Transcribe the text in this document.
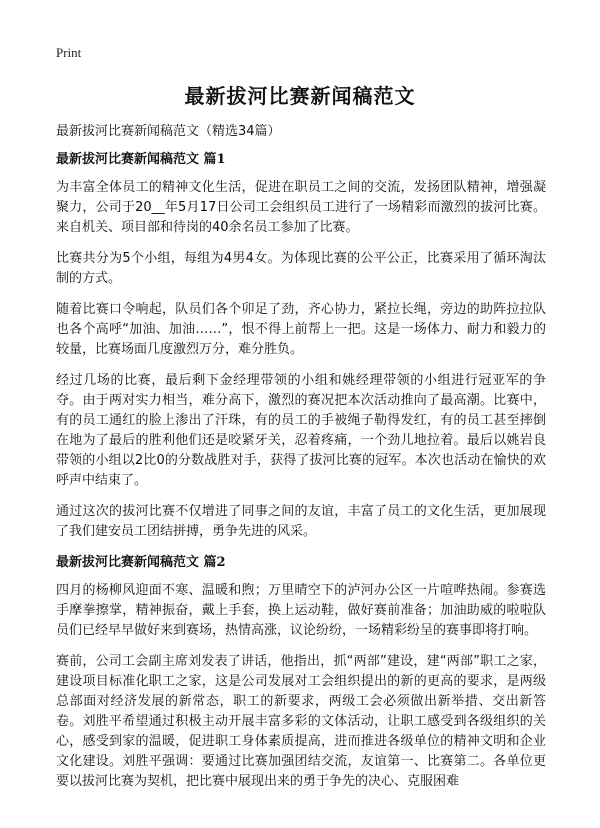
Print
最新拔河比赛新闻稿范文

最新拔河比赛新闻稿范文（精选34篇）

最新拔河比赛新闻稿范文 篇1

为丰富全体员工的精神文化生活，促进在职员工之间的交流，发扬团队精神，增强凝聚力，公司于20__年5月17日公司工会组织员工进行了一场精彩而激烈的拔河比赛。来自机关、项目部和待岗的40余名员工参加了比赛。

比赛共分为5个小组，每组为4男4女。为体现比赛的公平公正，比赛采用了循环淘汰制的方式。

随着比赛口令响起，队员们各个卯足了劲，齐心协力，紧拉长绳，旁边的助阵拉拉队也各个高呼“加油、加油……”，恨不得上前帮上一把。这是一场体力、耐力和毅力的较量，比赛场面几度激烈万分，难分胜负。

经过几场的比赛，最后剩下金经理带领的小组和姚经理带领的小组进行冠亚军的争夺。由于两对实力相当，难分高下，激烈的赛况把本次活动推向了最高潮。比赛中，有的员工通红的脸上渗出了汗珠，有的员工的手被绳子勒得发红，有的员工甚至摔倒在地为了最后的胜利他们还是咬紧牙关，忍着疼痛，一个劲儿地拉着。最后以姚岩良带领的小组以2比0的分数战胜对手，获得了拔河比赛的冠军。本次也活动在愉快的欢呼声中结束了。

通过这次的拔河比赛不仅增进了同事之间的友谊，丰富了员工的文化生活，更加展现了我们建安员工团结拼搏，勇争先进的风采。

最新拔河比赛新闻稿范文 篇2

四月的杨柳风迎面不寒、温暖和煦；万里晴空下的泸河办公区一片喧哗热闹。参赛选手摩拳擦掌，精神振奋，戴上手套，换上运动鞋，做好赛前准备；加油助威的啦啦队员们已经早早做好来到赛场，热情高涨，议论纷纷，一场精彩纷呈的赛事即将打响。

赛前，公司工会副主席刘发表了讲话，他指出，抓“两部”建设，建“两部”职工之家，建设项目标准化职工之家，这是公司发展对工会组织提出的新的更高的要求，是两级总部面对经济发展的新常态，职工的新要求，两级工会必须做出新举措、交出新答卷。刘胜平希望通过积极主动开展丰富多彩的文体活动，让职工感受到各级组织的关心，感受到家的温暖，促进职工身体素质提高，进而推进各级单位的精神文明和企业文化建设。刘胜平强调：要通过比赛加强团结交流，友谊第一、比赛第二。各单位更要以拔河比赛为契机，把比赛中展现出来的勇于争先的决心、克服困难
